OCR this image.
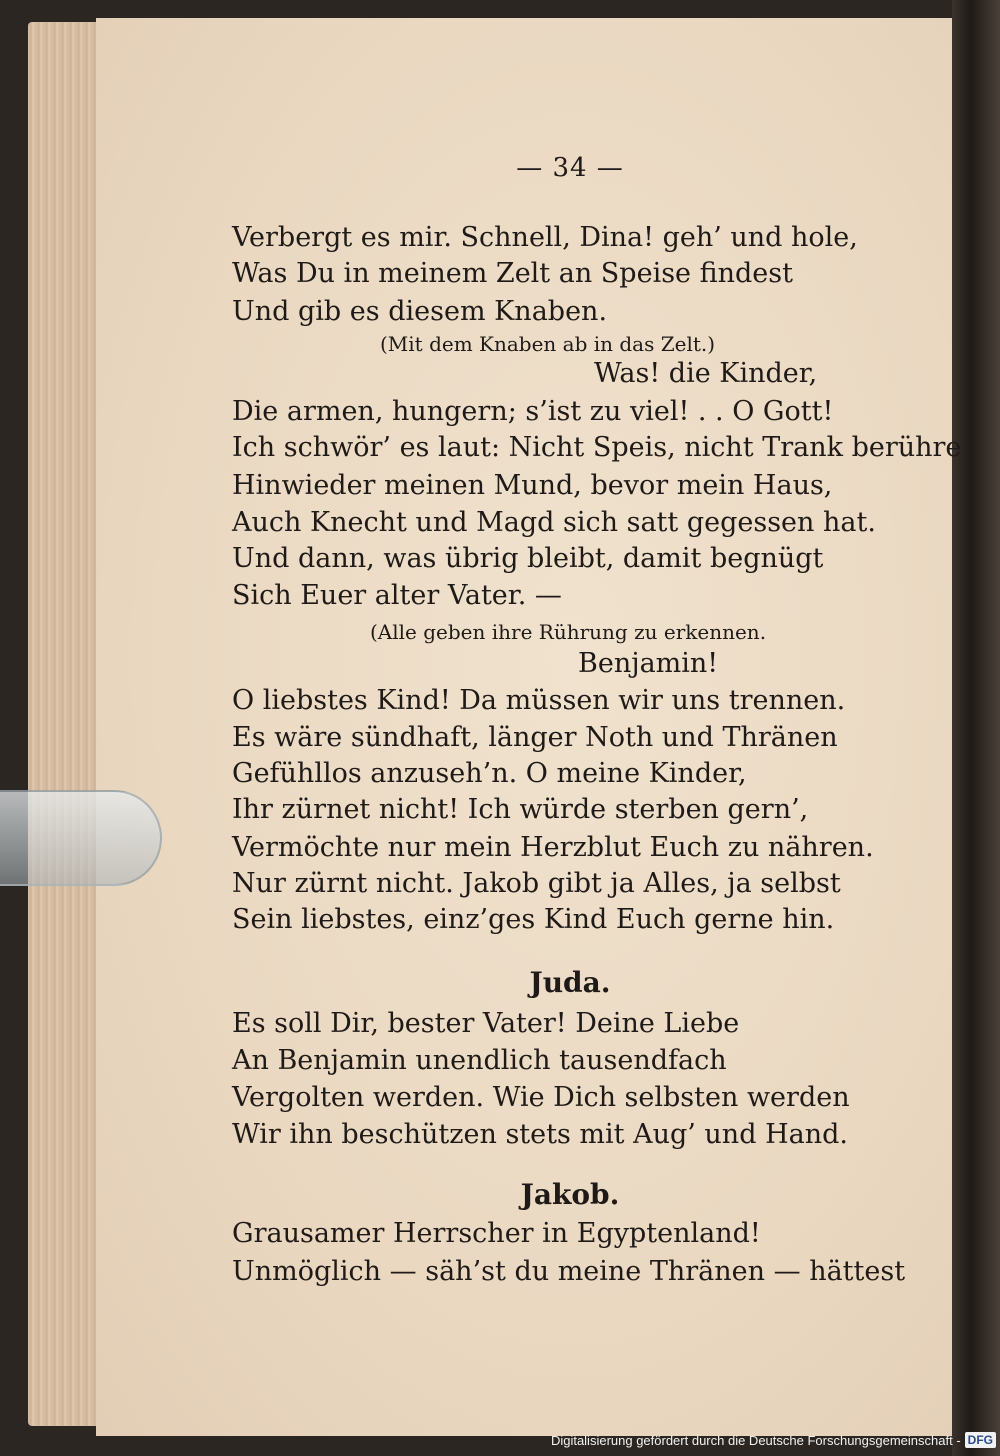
— 34 —
Verbergt es mir. Schnell, Dina! geh’ und hole,
Was Du in meinem Zelt an Speise findest
Und gib es diesem Knaben.
(Mit dem Knaben ab in das Zelt.)
Was! die Kinder,
Die armen, hungern; s’ist zu viel! . . O Gott!
Ich schwör’ es laut: Nicht Speis, nicht Trank berühre
Hinwieder meinen Mund, bevor mein Haus,
Auch Knecht und Magd sich satt gegessen hat.
Und dann, was übrig bleibt, damit begnügt
Sich Euer alter Vater. —
(Alle geben ihre Rührung zu erkennen.
Benjamin!
O liebstes Kind! Da müssen wir uns trennen.
Es wäre sündhaft, länger Noth und Thränen
Gefühllos anzuseh’n. O meine Kinder,
Ihr zürnet nicht! Ich würde sterben gern’,
Vermöchte nur mein Herzblut Euch zu nähren.
Nur zürnt nicht. Jakob gibt ja Alles, ja selbst
Sein liebstes, einz’ges Kind Euch gerne hin.
Juda.
Es soll Dir, bester Vater! Deine Liebe
An Benjamin unendlich tausendfach
Vergolten werden. Wie Dich selbsten werden
Wir ihn beschützen stets mit Aug’ und Hand.
Jakob.
Grausamer Herrscher in Egyptenland!
Unmöglich — säh’st du meine Thränen — hättest
Digitalisierung gefördert durch die Deutsche Forschungsgemeinschaft - DFG
